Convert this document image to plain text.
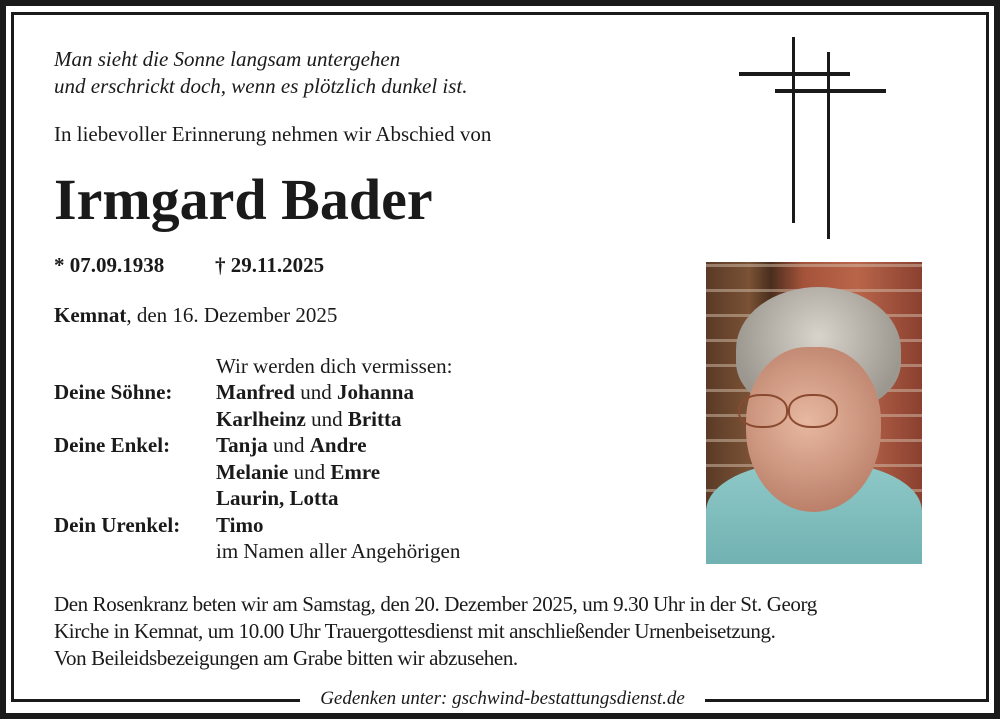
Man sieht die Sonne langsam untergehen
und erschrickt doch, wenn es plötzlich dunkel ist.
In liebevoller Erinnerung nehmen wir Abschied von
Irmgard Bader
* 07.09.1938 † 29.11.2025
Kemnat, den 16. Dezember 2025
Wir werden dich vermissen:
Deine Söhne: Manfred und Johanna
Karlheinz und Britta
Deine Enkel: Tanja und Andre
Melanie und Emre
Laurin, Lotta
Dein Urenkel: Timo
im Namen aller Angehörigen
Den Rosenkranz beten wir am Samstag, den 20. Dezember 2025, um 9.30 Uhr in der St. Georg
Kirche in Kemnat, um 10.00 Uhr Trauergottesdienst mit anschließender Urnenbeisetzung.
Von Beileidsbezeigungen am Grabe bitten wir abzusehen.
Gedenken unter: gschwind-bestattungsdienst.de
